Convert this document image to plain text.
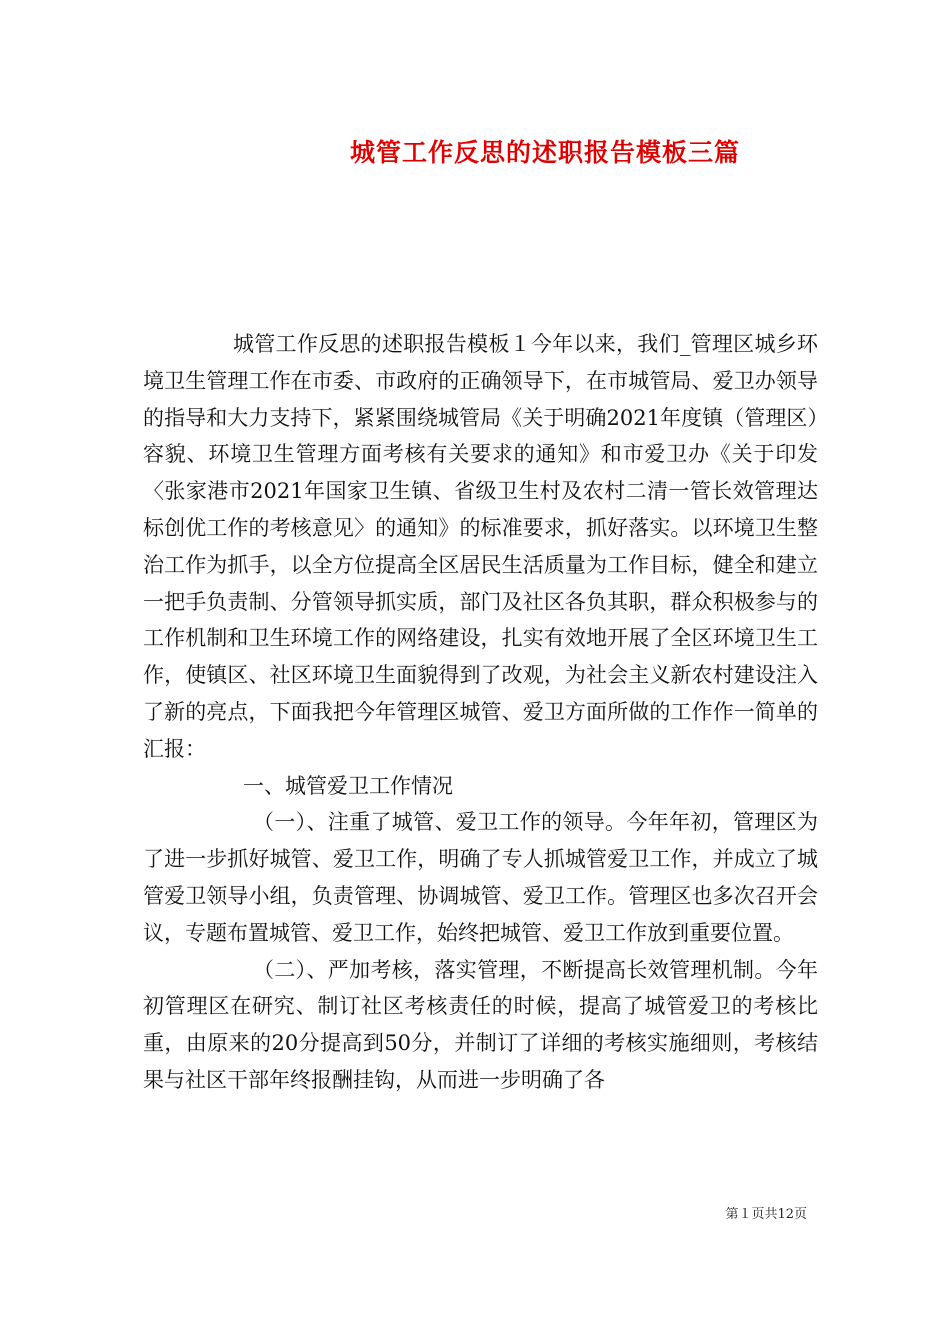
城管工作反思的述职报告模板三篇

城管工作反思的述职报告模板１今年以来，我们_管理区城乡环境卫生管理工作在市委、市政府的正确领导下，在市城管局、爱卫办领导的指导和大力支持下，紧紧围绕城管局《关于明确2021年度镇（管理区）容貌、环境卫生管理方面考核有关要求的通知》和市爱卫办《关于印发〈张家港市2021年国家卫生镇、省级卫生村及农村二清一管长效管理达标创优工作的考核意见〉的通知》的标准要求，抓好落实。以环境卫生整治工作为抓手，以全方位提高全区居民生活质量为工作目标，健全和建立一把手负责制、分管领导抓实质，部门及社区各负其职，群众积极参与的工作机制和卫生环境工作的网络建设，扎实有效地开展了全区环境卫生工作，使镇区、社区环境卫生面貌得到了改观，为社会主义新农村建设注入了新的亮点，下面我把今年管理区城管、爱卫方面所做的工作作一简单的汇报：

一、城管爱卫工作情况

（一）、注重了城管、爱卫工作的领导。今年年初，管理区为了进一步抓好城管、爱卫工作，明确了专人抓城管爱卫工作，并成立了城管爱卫领导小组，负责管理、协调城管、爱卫工作。管理区也多次召开会议，专题布置城管、爱卫工作，始终把城管、爱卫工作放到重要位置。

（二）、严加考核，落实管理，不断提高长效管理机制。今年初管理区在研究、制订社区考核责任的时候，提高了城管爱卫的考核比重，由原来的20分提高到50分，并制订了详细的考核实施细则，考核结果与社区干部年终报酬挂钩，从而进一步明确了各

第１页共12页
